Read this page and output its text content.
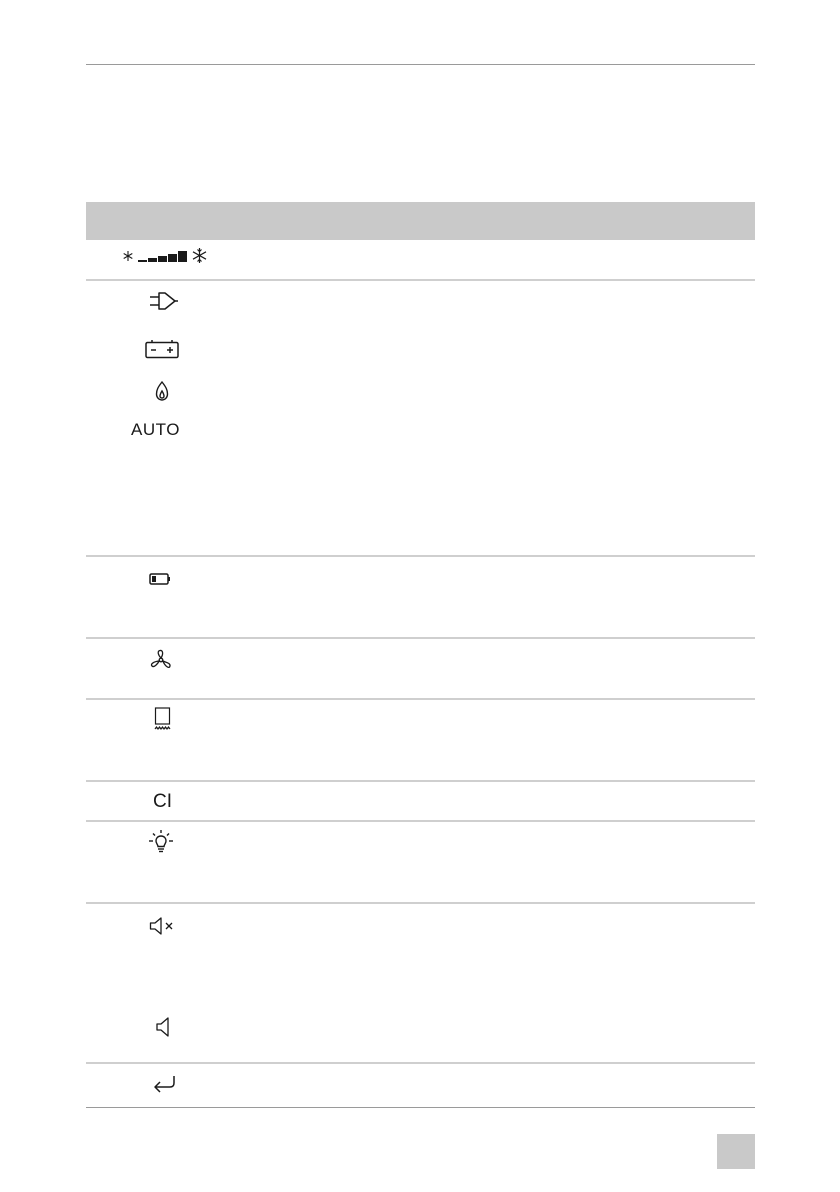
AUTO
CI
